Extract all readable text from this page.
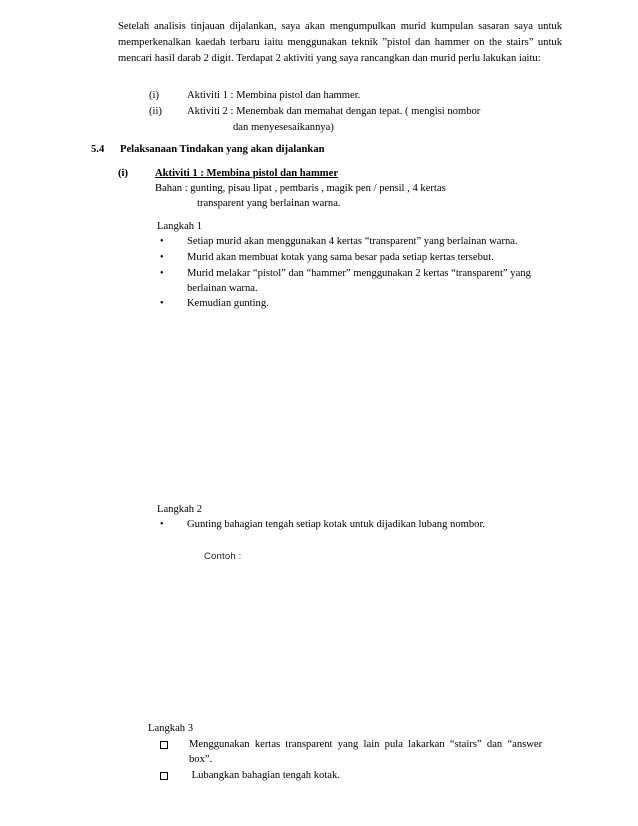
Setelah analisis tinjauan dijalankan, saya akan mengumpulkan murid kumpulan sasaran saya untuk memperkenalkan kaedah terbaru iaitu menggunakan teknik ”pistol dan hammer on the stairs” untuk mencari hasil darab 2 digit. Terdapat 2 aktiviti yang saya rancangkan dan murid perlu lakukan iaitu:
(i)	Aktiviti 1 : Membina pistol dan hammer.
(ii) Aktiviti 2 : Menembak dan memahat dengan tepat. ( mengisi nombor
dan menyesesaikannya)
5.4 Pelaksanaan Tindakan yang akan dijalankan
(i)	Aktiviti 1 : Membina pistol dan hammer
Bahan : gunting, pisau lipat , pembaris , magik pen / pensil , 4 kertas
transparent yang berlainan warna.
Langkah 1
• Setiap murid akan menggunakan 4 kertas “transparent” yang berlainan warna.
• Murid akan membuat kotak yang sama besar pada setiap kertas tersebut.
• Murid melakar “pistol” dan “hammer” menggunakan 2 kertas “transparent” yang
berlainan warna.
• Kemudian gunting.
Langkah 2
• Gunting bahagian tengah setiap kotak untuk dijadikan lubang nombor.
Contoh :
Langkah 3
Menggunakan kertas transparent yang lain pula lakarkan “stairs” dan “answer
box”.
Lubangkan bahagian tengah kotak.
